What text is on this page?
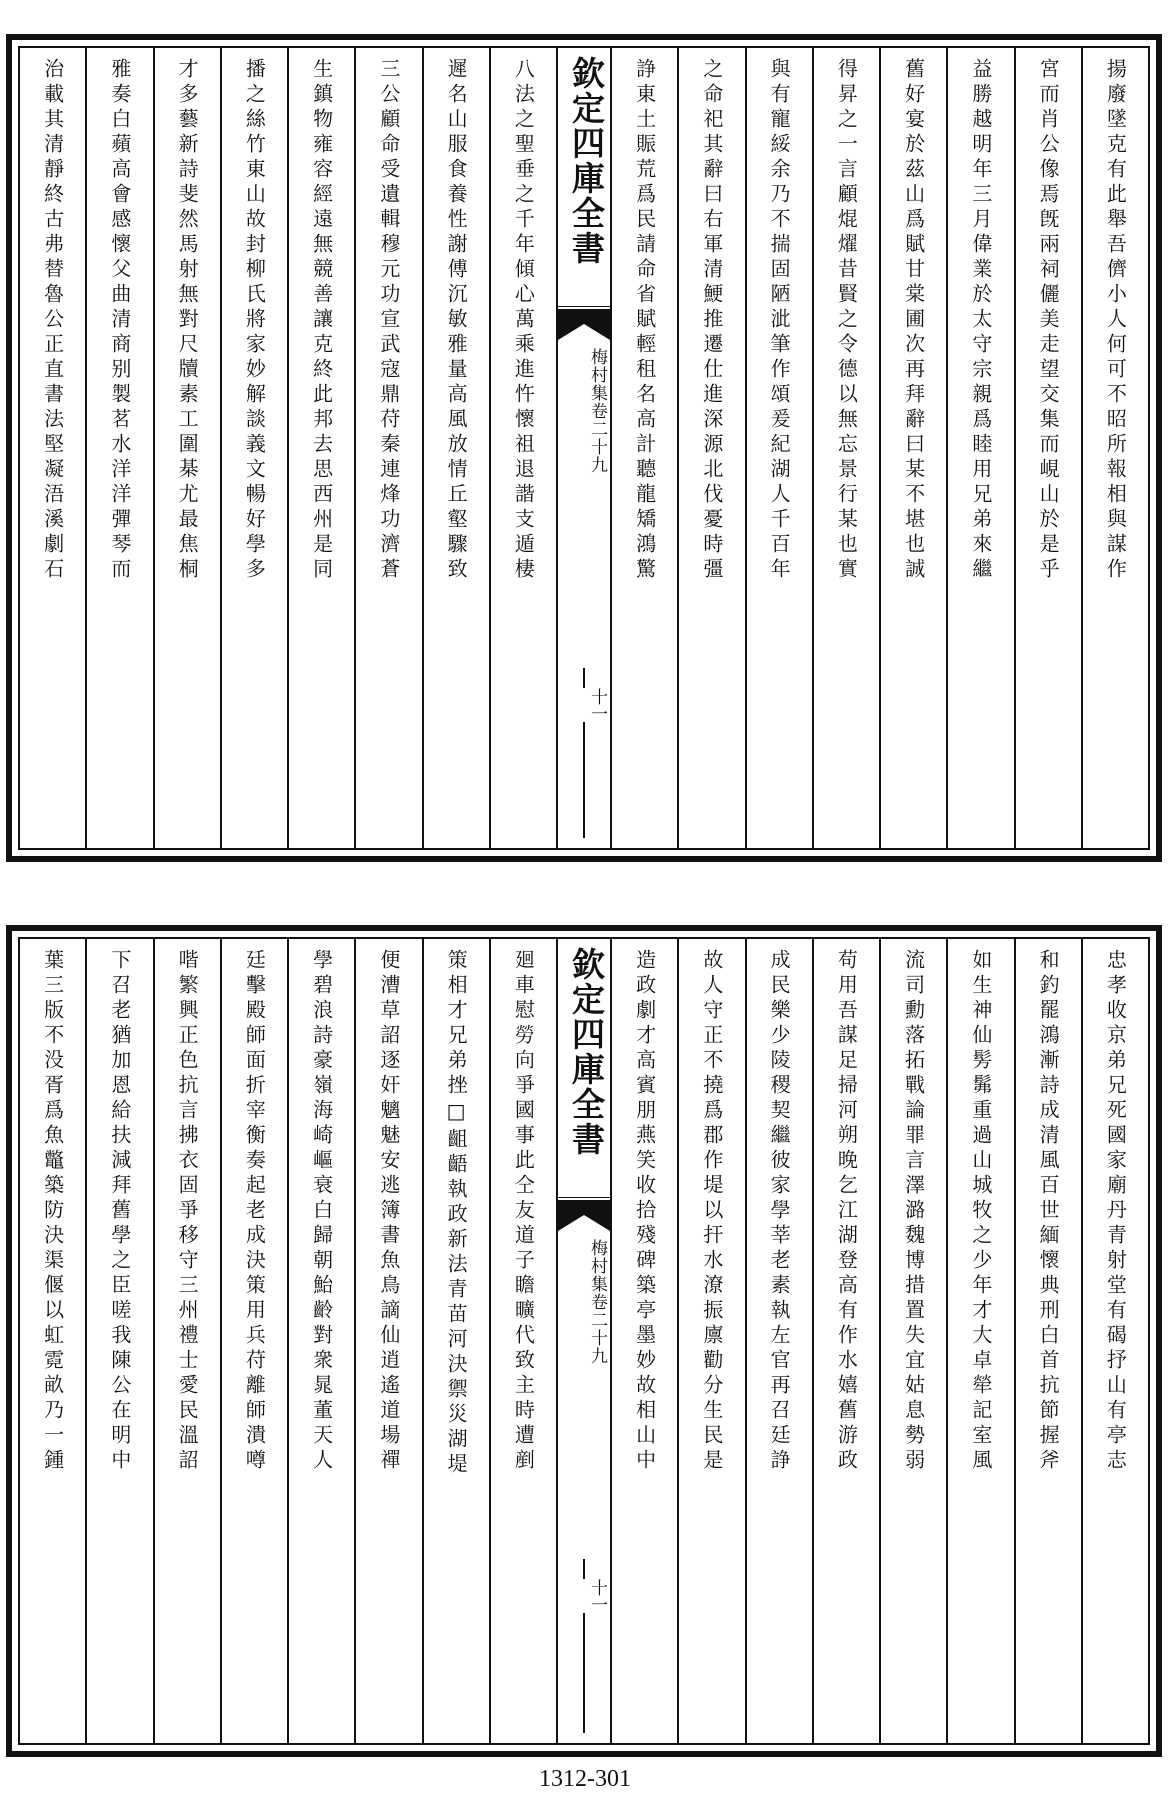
揚廢墜克有此舉吾儕小人何可不昭所報相與謀作
宮而肖公像焉旣兩祠儷美走望交集而峴山於是乎
益勝越明年三月偉業於太守宗親爲睦用兄弟來繼
舊好宴於茲山爲賦甘棠圃次再拜辭曰某不堪也誠
得昇之一言顧焜燿昔賢之令德以無忘景行某也實
與有寵綏余乃不揣固陋泚筆作頌爰紀湖人千百年
之命祀其辭曰右軍清鯁推遷仕進深源北伐憂時彊
諍東土賑荒爲民請命省賦輕租名高計聽龍矯鴻驚
欽定四庫全書
梅村集
卷二十九
十一
八法之聖垂之千年傾心萬乘進忤懷祖退諧支遁棲
遲名山服食養性謝傅沉敏雅量高風放情丘壑驟致
三公顧命受遺輯穆元功宣武寇鼎苻秦連烽功濟蒼
生鎮物雍容經遠無競善讓克終此邦去思西州是同
播之絲竹東山故封柳氏將家妙解談義文暢好學多
才多藝新詩斐然馬射無對尺牘素工圍棊尤最焦桐
雅奏白蘋高會感懷父曲清商别製茗水洋洋彈琴而
治載其清靜終古弗替魯公正直書法堅凝浯溪劇石
忠孝收京弟兄死國家廟丹青射堂有碣抒山有亭志
和釣罷鴻漸詩成清風百世緬懷典刑白首抗節握斧
如生神仙髣髴重過山城牧之少年才大卓犖記室風
流司勳落拓戰論罪言澤潞魏博措置失宜姑息勢弱
苟用吾謀足掃河朔晚乞江湖登高有作水嬉舊游政
成民樂少陵稷契繼彼家學莘老素執左官再召廷諍
故人守正不撓爲郡作堤以扞水潦振廪勸分生民是
造政劇才高賓朋燕笑收拾殘碑築亭墨妙故相山中
欽定四庫全書
梅村集
卷二十九
十一
廻車慰勞向爭國事此仝友道子瞻曠代致主時遭剷
策相才兄弟挫□齟齬執政新法青苗河決禦災湖堤
便漕草詔逐奸魑魅安逃簿書魚鳥謫仙逍遙道場禪
學碧浪詩豪嶺海崎嶇衰白歸朝鮐齡對衆晁董天人
廷擊殿師面折宰衡奏起老成決策用兵苻離師潰噂
喈繁興正色抗言拂衣固爭移守三州禮士愛民溫詔
下召老猶加恩給扶減拜舊學之臣嗟我陳公在明中
葉三版不没胥爲魚鼈築防決渠偃以虹霓畝乃一鍾
1312-301
